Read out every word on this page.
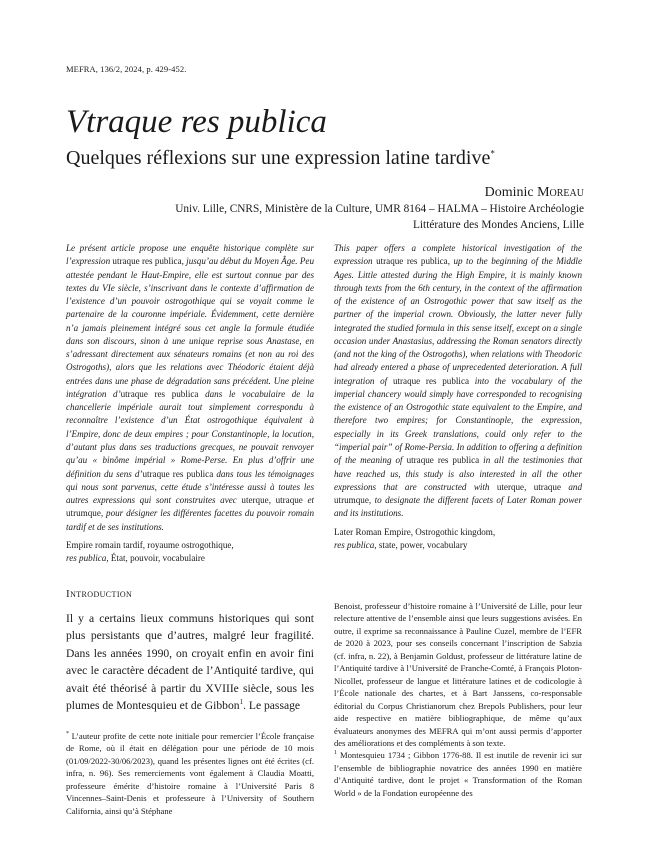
MEFRA, 136/2, 2024, p. 429-452.
Vtraque res publica
Quelques réflexions sur une expression latine tardive*
Dominic Moreau
Univ. Lille, CNRS, Ministère de la Culture, UMR 8164 – HALMA – Histoire Archéologie
Littérature des Mondes Anciens, Lille

Le présent article propose une enquête historique complète sur l’expression utraque res publica, jusqu’au début du Moyen Âge. Peu attestée pendant le Haut-Empire, elle est surtout connue par des textes du VIe siècle, s’inscrivant dans le contexte d’affirmation de l’existence d’un pouvoir ostrogothique qui se voyait comme le partenaire de la couronne impériale. Évidemment, cette dernière n’a jamais pleinement intégré sous cet angle la formule étudiée dans son discours, sinon à une unique reprise sous Anastase, en s’adressant directement aux sénateurs romains (et non au roi des Ostrogoths), alors que les relations avec Théodoric étaient déjà entrées dans une phase de dégradation sans précédent. Une pleine intégration d’utraque res publica dans le vocabulaire de la chancellerie impériale aurait tout simplement correspondu à reconnaître l’existence d’un État ostrogothique équivalent à l’Empire, donc de deux empires ; pour Constantinople, la locution, d’autant plus dans ses traductions grecques, ne pouvait renvoyer qu’au « binôme impérial » Rome-Perse. En plus d’offrir une définition du sens d’utraque res publica dans tous les témoignages qui nous sont parvenus, cette étude s’intéresse aussi à toutes les autres expressions qui sont construites avec uterque, utraque et utrumque, pour désigner les différentes facettes du pouvoir romain tardif et de ses institutions.

Empire romain tardif, royaume ostrogothique,
res publica, État, pouvoir, vocabulaire

This paper offers a complete historical investigation of the expression utraque res publica, up to the beginning of the Middle Ages. Little attested during the High Empire, it is mainly known through texts from the 6th century, in the context of the affirmation of the existence of an Ostrogothic power that saw itself as the partner of the imperial crown. Obviously, the latter never fully integrated the studied formula in this sense itself, except on a single occasion under Anastasius, addressing the Roman senators directly (and not the king of the Ostrogoths), when relations with Theodoric had already entered a phase of unprecedented deterioration. A full integration of utraque res publica into the vocabulary of the imperial chancery would simply have corresponded to recognising the existence of an Ostrogothic state equivalent to the Empire, and therefore two empires; for Constantinople, the expression, especially in its Greek translations, could only refer to the “imperial pair” of Rome-Persia. In addition to offering a definition of the meaning of utraque res publica in all the testimonies that have reached us, this study is also interested in all the other expressions that are constructed with uterque, utraque and utrumque, to designate the different facets of Later Roman power and its institutions.

Later Roman Empire, Ostrogothic kingdom,
res publica, state, power, vocabulary

Introduction
Il y a certains lieux communs historiques qui sont plus persistants que d’autres, malgré leur fragilité. Dans les années 1990, on croyait enfin en avoir fini avec le caractère décadent de l’Antiquité tardive, qui avait été théorisé à partir du XVIIIe siècle, sous les plumes de Montesquieu et de Gibbon$^1$. Le passage
* L’auteur profite de cette note initiale pour remercier l’École française de Rome, où il était en délégation pour une période de 10 mois (01/09/2022-30/06/2023), quand les présentes lignes ont été écrites (cf. infra, n. 96). Ses remerciements vont également à Claudia Moatti, professeure émérite d’histoire romaine à l’Université Paris 8 Vincennes–Saint-Denis et professeure à l’University of Southern California, ainsi qu’à Stéphane

Benoist, professeur d’histoire romaine à l’Université de Lille, pour leur relecture attentive de l’ensemble ainsi que leurs suggestions avisées. En outre, il exprime sa reconnaissance à Pauline Cuzel, membre de l’EFR de 2020 à 2023, pour ses conseils concernant l’inscription de Sabzia (cf. infra, n. 22), à Benjamin Goldust, professeur de littérature latine de l’Antiquité tardive à l’Université de Franche-Comté, à François Ploton-Nicollet, professeur de langue et littérature latines et de codicologie à l’École nationale des chartes, et à Bart Janssens, co-responsable éditorial du Corpus Christianorum chez Brepols Publishers, pour leur aide respective en matière bibliographique, de même qu’aux évaluateurs anonymes des MEFRA qui m’ont aussi permis d’apporter des améliorations et des compléments à son texte.

$^1$ Montesquieu 1734 ; Gibbon 1776-88. Il est inutile de revenir ici sur l’ensemble de bibliographie novatrice des années 1990 en matière d’Antiquité tardive, dont le projet « Transformation of the Roman World » de la Fondation européenne des
